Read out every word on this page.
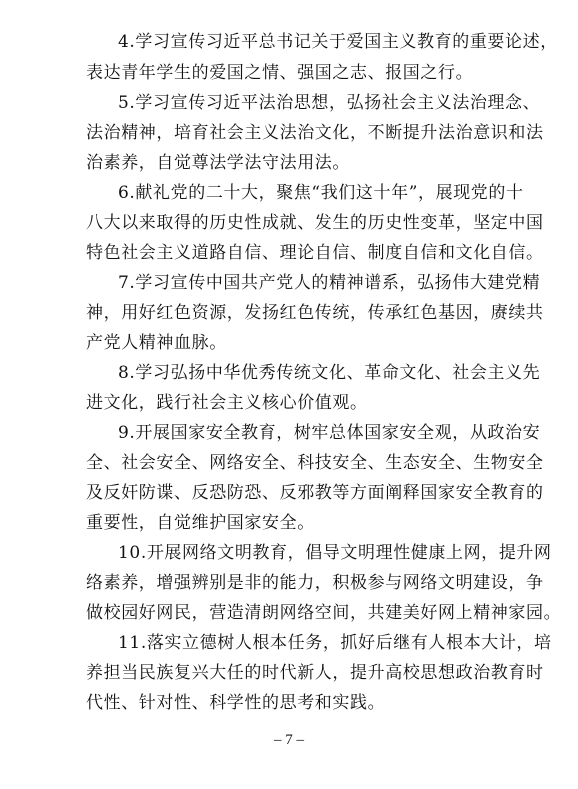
4.学习宣传习近平总书记关于爱国主义教育的重要论述，

表达青年学生的爱国之情、强国之志、报国之行。

5.学习宣传习近平法治思想，弘扬社会主义法治理念、

法治精神，培育社会主义法治文化，不断提升法治意识和法

治素养，自觉尊法学法守法用法。

6.献礼党的二十大，聚焦“我们这十年”，展现党的十

八大以来取得的历史性成就、发生的历史性变革，坚定中国

特色社会主义道路自信、理论自信、制度自信和文化自信。

7.学习宣传中国共产党人的精神谱系，弘扬伟大建党精

神，用好红色资源，发扬红色传统，传承红色基因，赓续共

产党人精神血脉。

8.学习弘扬中华优秀传统文化、革命文化、社会主义先

进文化，践行社会主义核心价值观。

9.开展国家安全教育，树牢总体国家安全观，从政治安

全、社会安全、网络安全、科技安全、生态安全、生物安全

及反奸防谍、反恐防恐、反邪教等方面阐释国家安全教育的

重要性，自觉维护国家安全。

10.开展网络文明教育，倡导文明理性健康上网，提升网

络素养，增强辨别是非的能力，积极参与网络文明建设，争

做校园好网民，营造清朗网络空间，共建美好网上精神家园。

11.落实立德树人根本任务，抓好后继有人根本大计，培

养担当民族复兴大任的时代新人，提升高校思想政治教育时

代性、针对性、科学性的思考和实践。

– 7 –
